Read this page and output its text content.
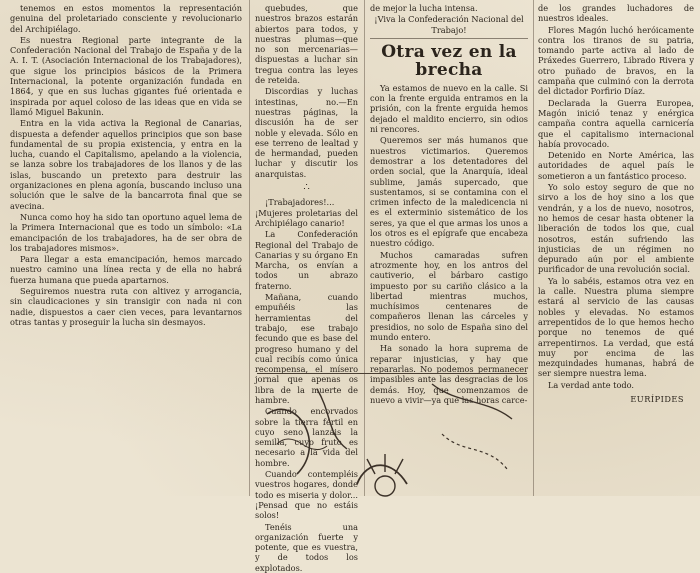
tenemos en estos momentos la representación genuina del proletariado consciente y revolucionario del Archipiélago.

Es nuestra Regional parte integrante de la Confederación Nacional del Trabajo de España y de la A. I. T. (Asociación Internacional de los Trabajadores), que sigue los principios básicos de la Primera Internacional, la potente organización fundada en 1864, y que en sus luchas gigantes fué orientada e inspirada por aquel coloso de las ideas que en vida se llamó Miguel Bakunin.

Entra en la vida activa la Regional de Canarias, dispuesta a defender aquellos principios que son base fundamental de su propia existencia, y entra en la lucha, cuando el Capitalismo, apelando a la violencia, se lanza sobre los trabajadores de los llanos y de las islas, buscando un pretexto para destruir las organizaciones en plena agonía, buscando incluso una solución que le salve de la bancarrota final que se avecina.

Nunca como hoy ha sido tan oportuno aquel lema de la Primera Internacional que es todo un símbolo: «La emancipación de los trabajadores, ha de ser obra de los trabajadores mismos».

Para llegar a esta emancipación, hemos marcado nuestro camino una línea recta y de ella no habrá fuerza humana que pueda apartarnos.

Seguiremos nuestra ruta con altivez y arrogancia, sin claudicaciones y sin transigir con nada ni con nadie, dispuestos a caer cien veces, para levantarnos otras tantas y proseguir la lucha sin desmayos.

quebudes, que nuestros brazos estarán abiertos para todos, y nuestras plumas—que no son mercenarias—dispuestas a luchar sin tregua contra las leyes de reteida.

Discordias y luchas intestinas, no.—En nuestras páginas, la discusión ha de ser noble y elevada. Sólo en ese terreno de lealtad y de hermandad, pueden luchar y discutir los anarquistas.

∴

¡Trabajadores!... ¡Mujeres proletarias del Archipiélago canario!

La Confederación Regional del Trabajo de Canarias y su órgano En Marcha, os envían a todos un abrazo fraterno.

Mañana, cuando empuñéis las herramientas del trabajo, ese trabajo fecundo que es base del progreso humano y del cual recibís como única recompensa, el mísero jornal que apenas os libra de la muerte de hambre.

Cuando encorvados sobre la tierra fértil en cuyo seno lanzáis la semilla, cuyo fruto es necesario a la vida del hombre.

Cuando contempléis vuestros hogares, donde todo es miseria y dolor... ¡Pensad que no estáis solos!

Tenéis una organización fuerte y potente, que es vuestra, y de todos los explotados.

de mejor la lucha intensa.

¡Viva la Confederación Nacional del Trabajo!

Otra vez en la brecha

Ya estamos de nuevo en la calle. Si con la frente erguida entramos en la prisión, con la frente erguida hemos dejado el maldito encierro, sin odios ni rencores.

Queremos ser más humanos que nuestros victimarios. Queremos demostrar a los detentadores del orden social, que la Anarquía, ideal sublime, jamás supercado, que sustentamos, si se contamina con el crimen infecto de la maledicencia ni es el exterminio sistemático de los seres, ya que el que armas los unos a los otros es el epígrafe que encabeza nuestro código.

Muchos camaradas sufren atrozmente hoy, en los antros del cautiverio, el bárbaro castigo impuesto por su cariño clásico a la libertad mientras muchos, muchísimos centenares de compañeros llenan las cárceles y presidios, no solo de España sino del mundo entero.

Ha sonado la hora suprema de reparar injusticias, y hay que repararlas. No podemos permanecer impasibles ante las desgracias de los demás. Hoy, que comenzamos de nuevo a vivir—ya que las horas carce-

de los grandes luchadores de nuestros ideales.

Flores Magón luchó heróicamente contra los tiranos de su patria, tomando parte activa al lado de Práxedes Guerrero, Librado Rivera y otro puñado de bravos, en la campaña que culminó con la derrota del dictador Porfirio Díaz.

Declarada la Guerra Europea, Magón inició tenaz y enérgica campaña contra aquella carnicería que el capitalismo internacional había provocado.

Detenido en Norte América, las autoridades de aquel país le sometieron a un fantástico proceso.

Yo solo estoy seguro de que no sirvo a los de hoy sino a los que vendrán, y a los de nuevo, nosotros, no hemos de cesar hasta obtener la liberación de todos los que, cual nosotros, están sufriendo las injusticias de un régimen no depurado aún por el ambiente purificador de una revolución social.

Ya lo sabéis, estamos otra vez en la calle. Nuestra pluma siempre estará al servicio de las causas nobles y elevadas. No estamos arrepentidos de lo que hemos hecho porque no tenemos de qué arrepentirnos. La verdad, que está muy por encima de las mezquindades humanas, habrá de ser siempre nuestra lema.

La verdad ante todo.

EURÍPIDES
